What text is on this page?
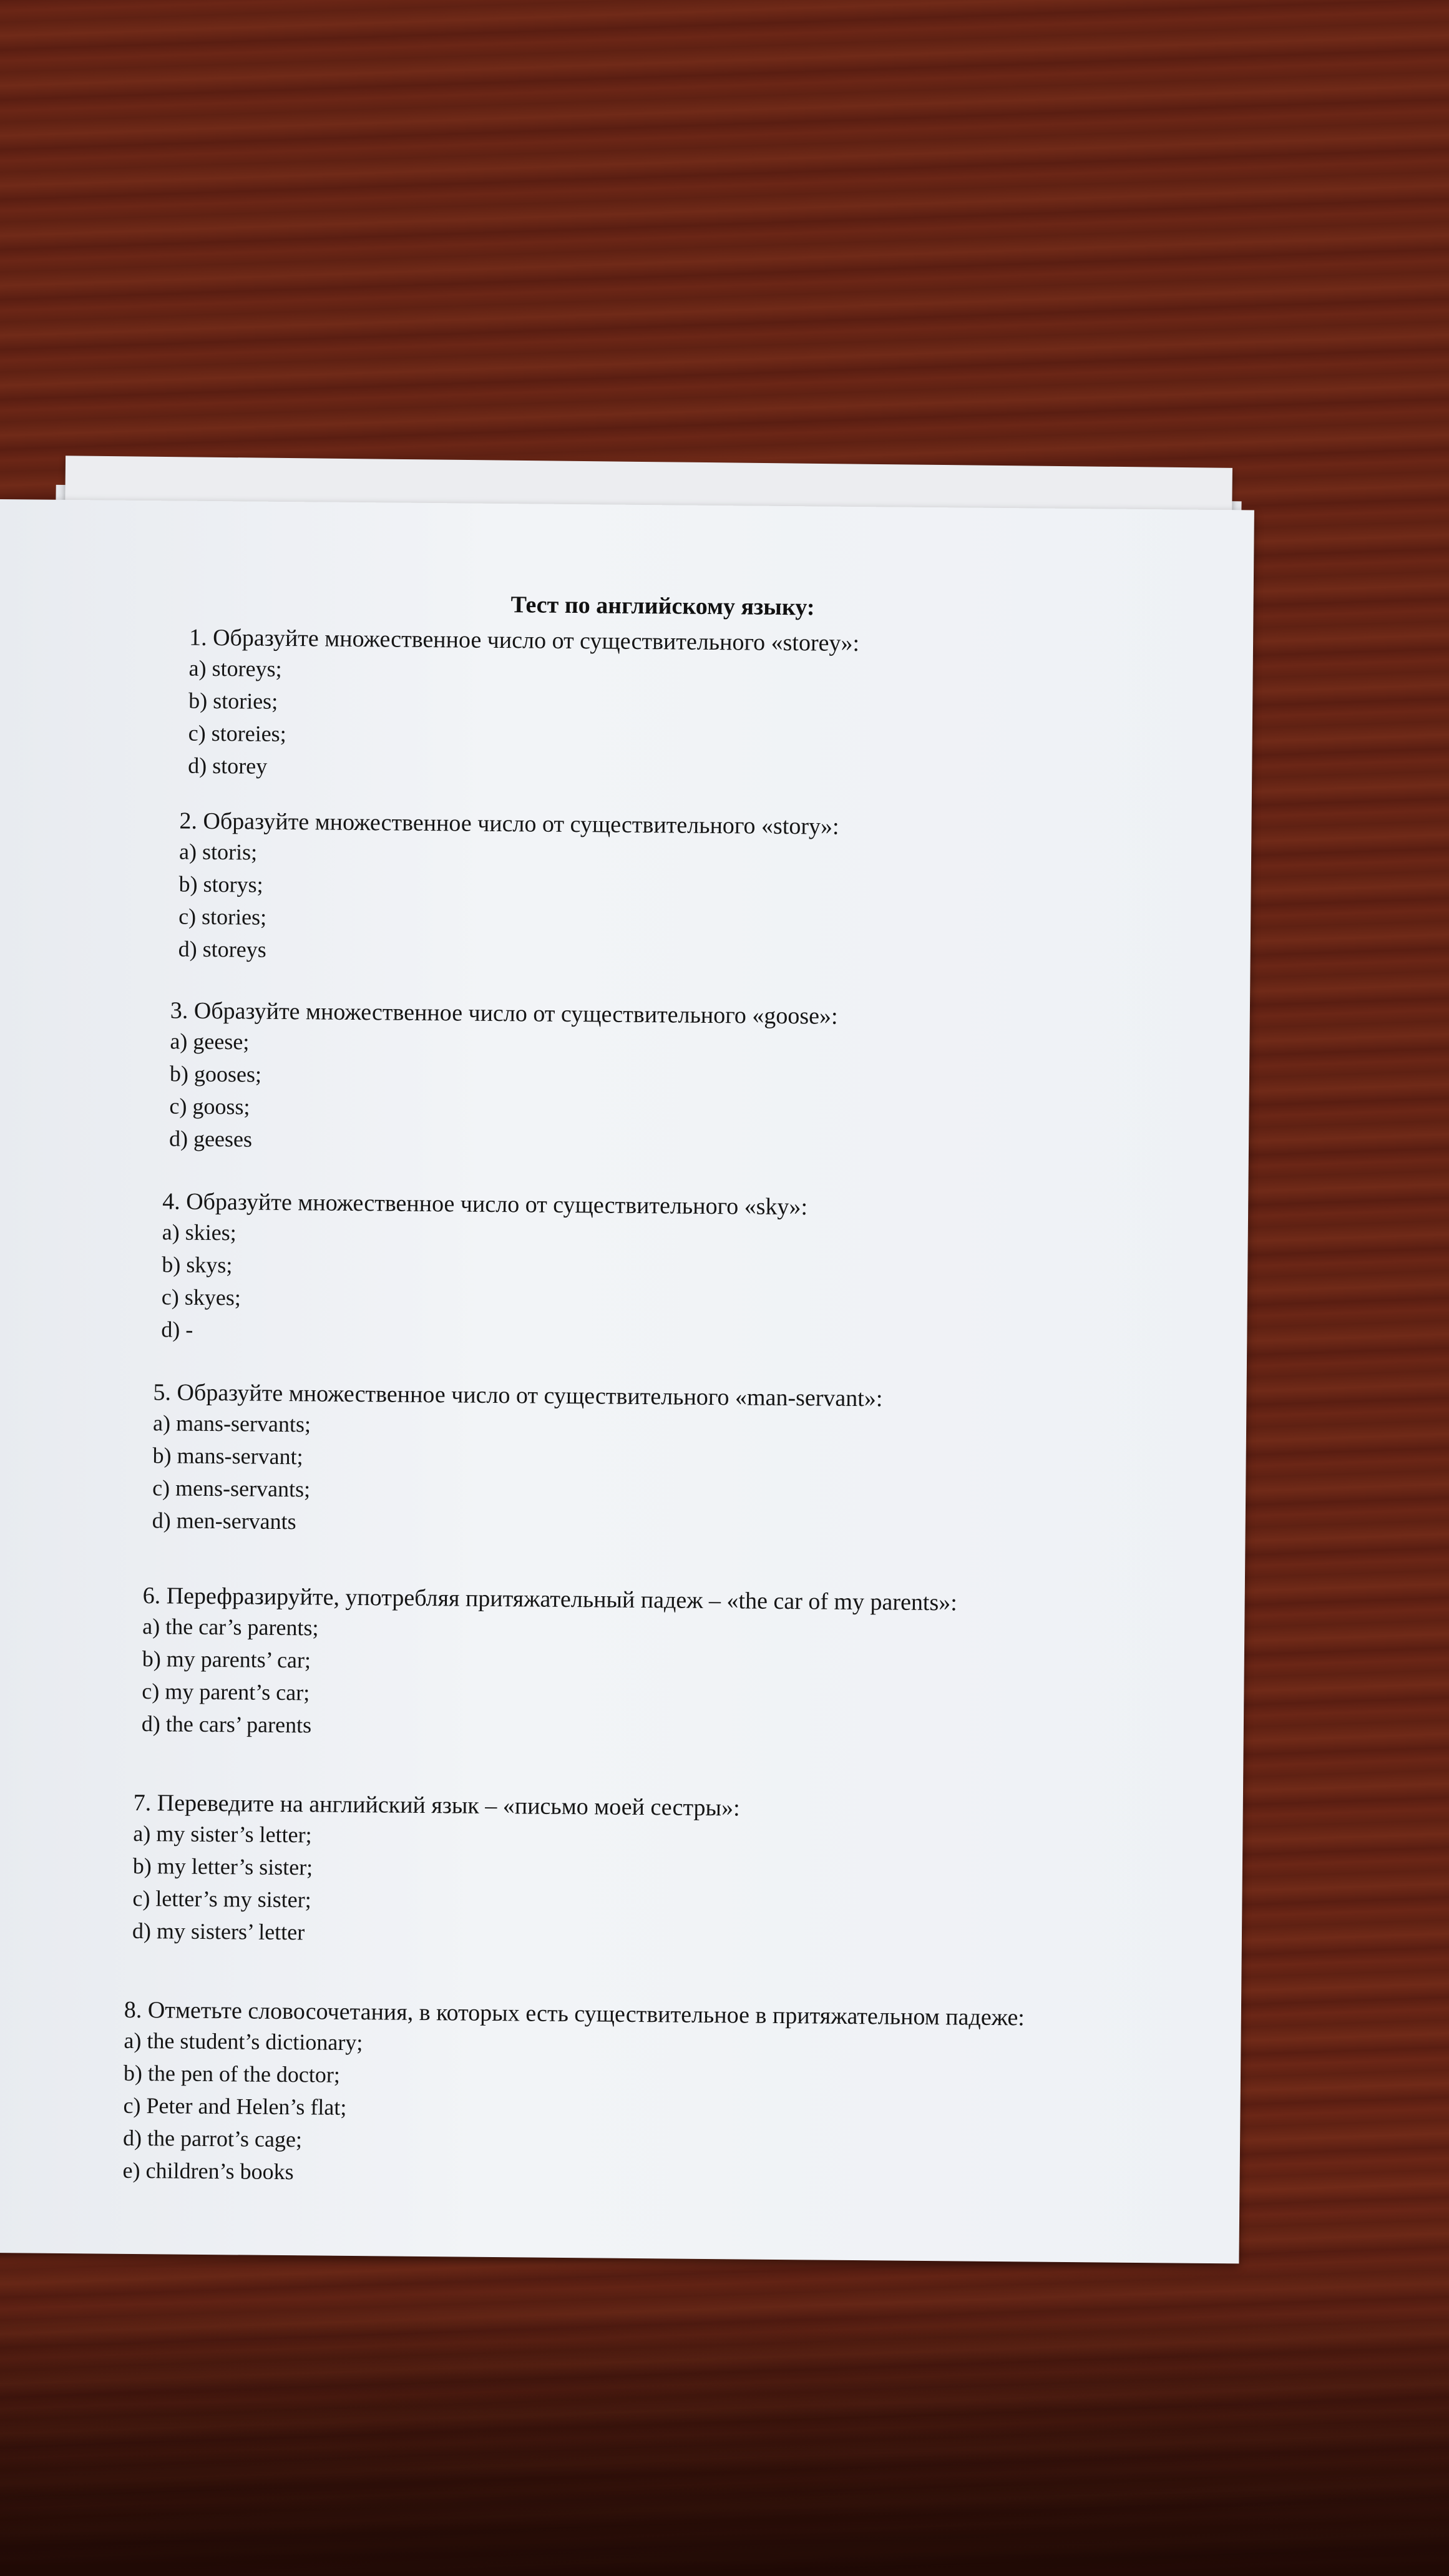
Тест по английскому языку:
1. Образуйте множественное число от существительного «storey»:
a) storeys;
b) stories;
c) storeies;
d) storey
2. Образуйте множественное число от существительного «story»:
a) storis;
b) storys;
c) stories;
d) storeys
3. Образуйте множественное число от существительного «goose»:
a) geese;
b) gooses;
c) gooss;
d) geeses
4. Образуйте множественное число от существительного «sky»:
a) skies;
b) skys;
c) skyes;
d) -
5. Образуйте множественное число от существительного «man-servant»:
a) mans-servants;
b) mans-servant;
c) mens-servants;
d) men-servants
6. Перефразируйте, употребляя притяжательный падеж – «the car of my parents»:
a) the car’s parents;
b) my parents’ car;
c) my parent’s car;
d) the cars’ parents
7. Переведите на английский язык – «письмо моей сестры»:
a) my sister’s letter;
b) my letter’s sister;
c) letter’s my sister;
d) my sisters’ letter
8. Отметьте словосочетания, в которых есть существительное в притяжательном падеже:
a) the student’s dictionary;
b) the pen of the doctor;
c) Peter and Helen’s flat;
d) the parrot’s cage;
e) children’s books
